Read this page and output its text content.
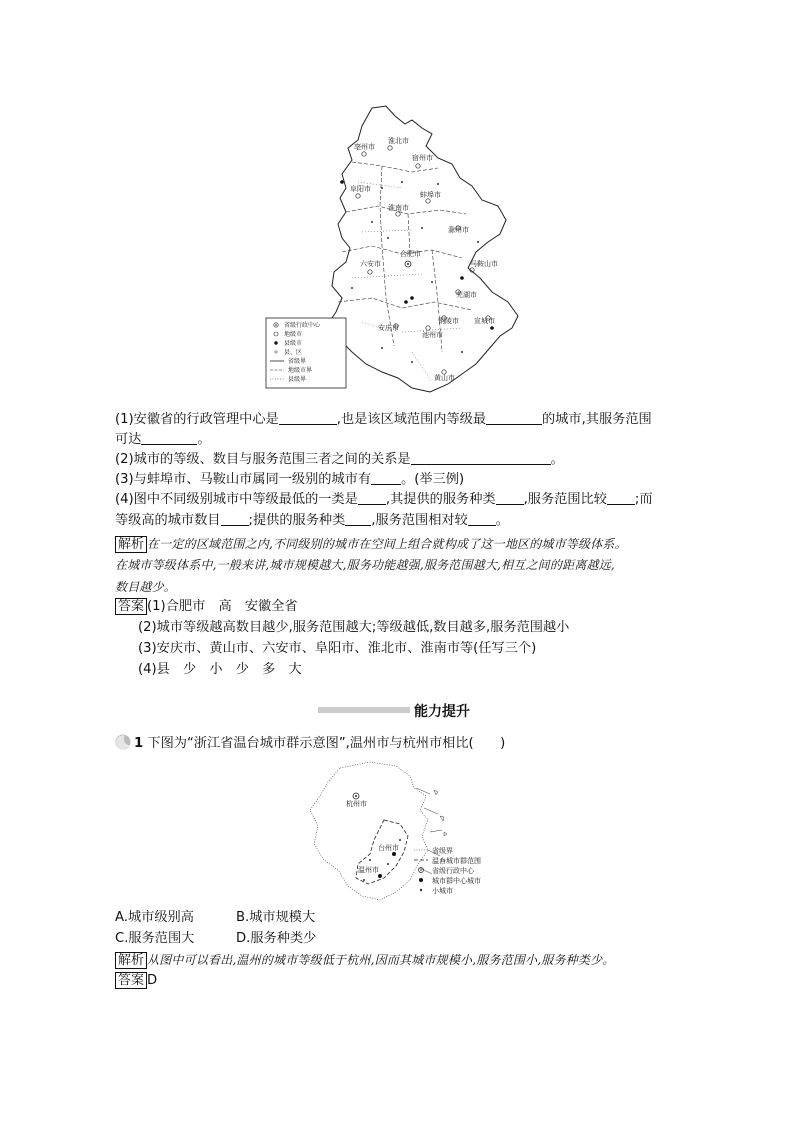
淮北市
亳州市
宿州市
阜阳市
蚌埠市
淮南市
滁州市
合肥市
六安市	马鞍山市
芜湖市
铜陵市
安庆市
池州市
宣城市
黄山市
省级行政中心
地级市
县级市
县、区
省级界
地级市界
县级界
(1)安徽省的行政管理中心是	,也是该区域范围内等级最	的城市,其服务范围
可达	。
(2)城市的等级、数目与服务范围三者之间的关系是	。
(3)与蚌埠市、马鞍山市属同一级别的城市有 。(举三例)
(4)图中不同级别城市中等级最低的一类是 ,其提供的服务种类 ,服务范围比较 ;而
等级高的城市数目 ;提供的服务种类 ,服务范围相对较 。
解析 在一定的区域范围之内,不同级别的城市在空间上组合就构成了这一地区的城市等级体系。
在城市等级体系中,一般来讲,城市规模越大,服务功能越强,服务范围越大,相互之间的距离越远,
数目越少。
答案 (1)合肥市　高　安徽全省
(2)城市等级越高数目越少,服务范围越大;等级越低,数目越多,服务范围越小
(3)安庆市、黄山市、六安市、阜阳市、淮北市、淮南市等(任写三个)
(4)县　少　小　少　多　大
能力提升
1 下图为“浙江省温台城市群示意图”,温州市与杭州市相比(　　)
杭州市
台州市
温州市
省级界
温台城市群范围
省级行政中心
城市群中心城市
小城市
A.城市级别高	B.城市规模大
C.服务范围大	D.服务种类少
解析 从图中可以看出,温州的城市等级低于杭州,因而其城市规模小,服务范围小,服务种类少。
答案 D
